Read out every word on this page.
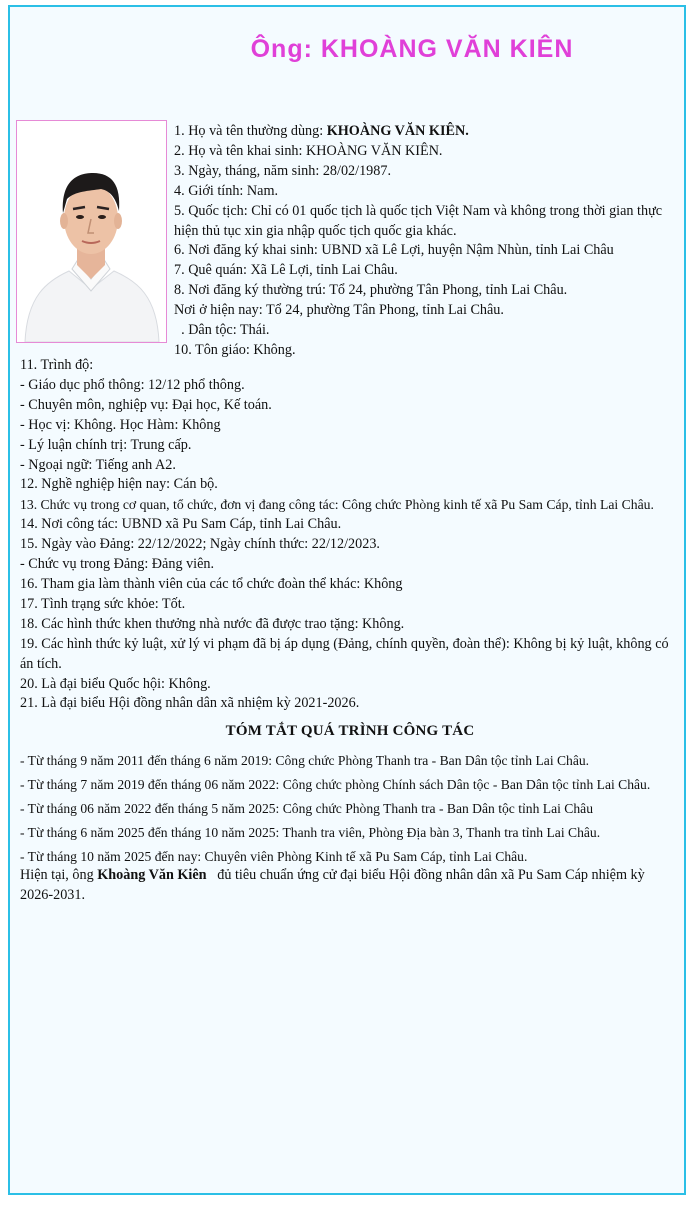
Ông: KHOÀNG VĂN KIÊN
1. Họ và tên thường dùng: KHOÀNG VĂN KIÊN.
2. Họ và tên khai sinh: KHOÀNG VĂN KIÊN.
3. Ngày, tháng, năm sinh: 28/02/1987.
4. Giới tính: Nam.
5. Quốc tịch: Chỉ có 01 quốc tịch là quốc tịch Việt Nam và không trong thời gian thực hiện thủ tục xin gia nhập quốc tịch quốc gia khác.
6. Nơi đăng ký khai sinh: UBND xã Lê Lợi, huyện Nậm Nhùn, tỉnh Lai Châu
7. Quê quán: Xã Lê Lợi, tỉnh Lai Châu.
8. Nơi đăng ký thường trú: Tổ 24, phường Tân Phong, tỉnh Lai Châu.
Nơi ở hiện nay: Tổ 24, phường Tân Phong, tỉnh Lai Châu.
. Dân tộc: Thái.
10. Tôn giáo: Không.
11. Trình độ:
- Giáo dục phổ thông: 12/12 phổ thông.
- Chuyên môn, nghiệp vụ: Đại học, Kế toán.
- Học vị: Không. Học Hàm: Không
- Lý luận chính trị: Trung cấp.
- Ngoại ngữ: Tiếng anh A2.
12. Nghề nghiệp hiện nay: Cán bộ.
13. Chức vụ trong cơ quan, tổ chức, đơn vị đang công tác: Công chức Phòng kinh tế xã Pu Sam Cáp, tỉnh Lai Châu.
14. Nơi công tác: UBND xã Pu Sam Cáp, tỉnh Lai Châu.
15. Ngày vào Đảng: 22/12/2022; Ngày chính thức: 22/12/2023.
- Chức vụ trong Đảng: Đảng viên.
16. Tham gia làm thành viên của các tổ chức đoàn thể khác: Không
17. Tình trạng sức khỏe: Tốt.
18. Các hình thức khen thưởng nhà nước đã được trao tặng: Không.
19. Các hình thức kỷ luật, xử lý vi phạm đã bị áp dụng (Đảng, chính quyền, đoàn thể): Không bị kỷ luật, không có án tích.
20. Là đại biểu Quốc hội: Không.
21. Là đại biểu Hội đồng nhân dân xã nhiệm kỳ 2021-2026.
TÓM TẮT QUÁ TRÌNH CÔNG TÁC
- Từ tháng 9 năm 2011 đến tháng 6 năm 2019: Công chức Phòng Thanh tra - Ban Dân tộc tỉnh Lai Châu.
- Từ tháng 7 năm 2019 đến tháng 06 năm 2022: Công chức phòng Chính sách Dân tộc - Ban Dân tộc tỉnh Lai Châu.
- Từ tháng 06 năm 2022 đến tháng 5 năm 2025: Công chức Phòng Thanh tra - Ban Dân tộc tỉnh Lai Châu
- Từ tháng 6 năm 2025 đến tháng 10 năm 2025: Thanh tra viên, Phòng Địa bàn 3, Thanh tra tỉnh Lai Châu.
- Từ tháng 10 năm 2025 đến nay: Chuyên viên Phòng Kinh tế xã Pu Sam Cáp, tỉnh Lai Châu.
Hiện tại, ông Khoàng Văn Kiên   đủ tiêu chuẩn ứng cử đại biểu Hội đồng nhân dân xã Pu Sam Cáp nhiệm kỳ 2026-2031.
